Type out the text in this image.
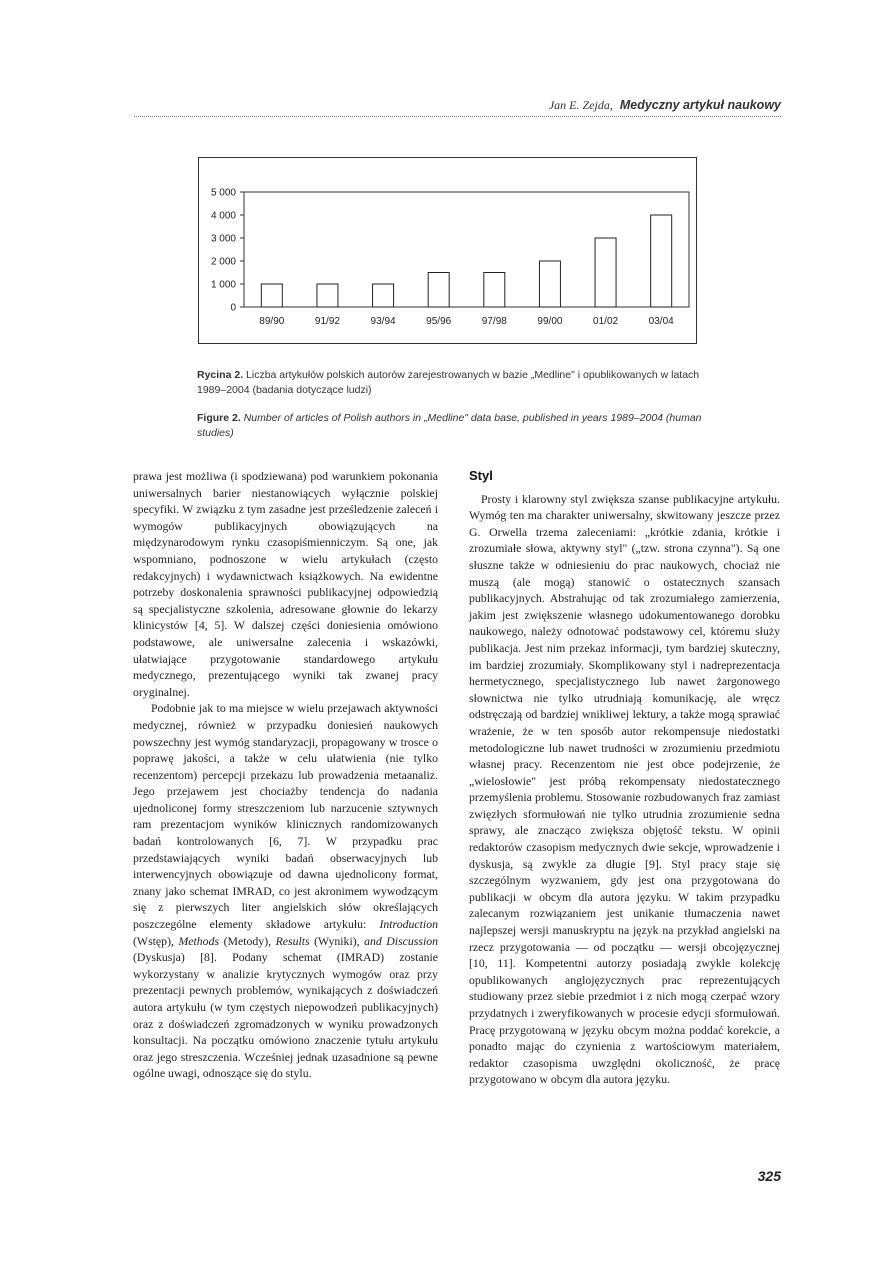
Jan E. Zejda, Medyczny artykuł naukowy
0
1 000
2 000
3 000
4 000
5 000
89/90	91/92	93/94	95/96	97/98	99/00	01/02	03/04
Rycina 2. Liczba artykułów polskich autorów zarejestrowanych w bazie „Medline" i opublikowanych w latach 1989–2004 (badania dotyczące ludzi)
Figure 2. Number of articles of Polish authors in „Medline" data base, published in years 1989–2004 (human studies)

prawa jest możliwa (i spodziewana) pod warunkiem pokonania uniwersalnych barier niestanowiących wyłącznie polskiej specyfiki. W związku z tym zasadne jest prześledzenie zaleceń i wymogów publikacyjnych obowiązujących na międzynarodowym rynku czasopiśmienniczym. Są one, jak wspomniano, podnoszone w wielu artykułach (często redakcyjnych) i wydawnictwach książkowych. Na ewidentne potrzeby doskonalenia sprawności publikacyjnej odpowiedzią są specjalistyczne szkolenia, adresowane głownie do lekarzy klinicystów [4, 5]. W dalszej części doniesienia omówiono podstawowe, ale uniwersalne zalecenia i wskazówki, ułatwiające przygotowanie standardowego artykułu medycznego, prezentującego wyniki tak zwanej pracy oryginalnej.

Podobnie jak to ma miejsce w wielu przejawach aktywności medycznej, również w przypadku doniesień naukowych powszechny jest wymóg standaryzacji, propagowany w trosce o poprawę jakości, a także w celu ułatwienia (nie tylko recenzentom) percepcji przekazu lub prowadzenia metaanaliz. Jego przejawem jest chociażby tendencja do nadania ujednoliconej formy streszczeniom lub narzucenie sztywnych ram prezentacjom wyników klinicznych randomizowanych badań kontrolowanych [6, 7]. W przypadku prac przedstawiających wyniki badań obserwacyjnych lub interwencyjnych obowiązuje od dawna ujednolicony format, znany jako schemat IMRAD, co jest akronimem wywodzącym się z pierwszych liter angielskich słów określających poszczególne elementy składowe artykułu: Introduction (Wstęp), Methods (Metody), Results (Wyniki), and Discussion (Dyskusja) [8]. Podany schemat (IMRAD) zostanie wykorzystany w analizie krytycznych wymogów oraz przy prezentacji pewnych problemów, wynikających z doświadczeń autora artykułu (w tym częstych niepowodzeń publikacyjnych) oraz z doświadczeń zgromadzonych w wyniku prowadzonych konsultacji. Na początku omówiono znaczenie tytułu artykułu oraz jego streszczenia. Wcześniej jednak uzasadnione są pewne ogólne uwagi, odnoszące się do stylu.

Styl

Prosty i klarowny styl zwiększa szanse publikacyjne artykułu. Wymóg ten ma charakter uniwersalny, skwitowany jeszcze przez G. Orwella trzema zaleceniami: „krótkie zdania, krótkie i zrozumiałe słowa, aktywny styl" („tzw. strona czynna"). Są one słuszne także w odniesieniu do prac naukowych, chociaż nie muszą (ale mogą) stanowić o ostatecznych szansach publikacyjnych. Abstrahując od tak zrozumiałego zamierzenia, jakim jest zwiększenie własnego udokumentowanego dorobku naukowego, należy odnotować podstawowy cel, któremu służy publikacja. Jest nim przekaz informacji, tym bardziej skuteczny, im bardziej zrozumiały. Skomplikowany styl i nadreprezentacja hermetycznego, specjalistycznego lub nawet żargonowego słownictwa nie tylko utrudniają komunikację, ale wręcz odstręczają od bardziej wnikliwej lektury, a także mogą sprawiać wrażenie, że w ten sposób autor rekompensuje niedostatki metodologiczne lub nawet trudności w zrozumieniu przedmiotu własnej pracy. Recenzentom nie jest obce podejrzenie, że „wielosłowie" jest próbą rekompensaty niedostatecznego przemyślenia problemu. Stosowanie rozbudowanych fraz zamiast zwięzłych sformułowań nie tylko utrudnia zrozumienie sedna sprawy, ale znacząco zwiększa objętość tekstu. W opinii redaktorów czasopism medycznych dwie sekcje, wprowadzenie i dyskusja, są zwykle za długie [9]. Styl pracy staje się szczególnym wyzwaniem, gdy jest ona przygotowana do publikacji w obcym dla autora języku. W takim przypadku zalecanym rozwiązaniem jest unikanie tłumaczenia nawet najlepszej wersji manuskryptu na język na przykład angielski na rzecz przygotowania — od początku — wersji obcojęzycznej [10, 11]. Kompetentni autorzy posiadają zwykle kolekcję opublikowanych anglojęzycznych prac reprezentujących studiowany przez siebie przedmiot i z nich mogą czerpać wzory przydatnych i zweryfikowanych w procesie edycji sformułowań. Pracę przygotowaną w języku obcym można poddać korekcie, a ponadto mając do czynienia z wartościowym materiałem, redaktor czasopisma uwzględni okoliczność, że pracę przygotowano w obcym dla autora języku.

325
